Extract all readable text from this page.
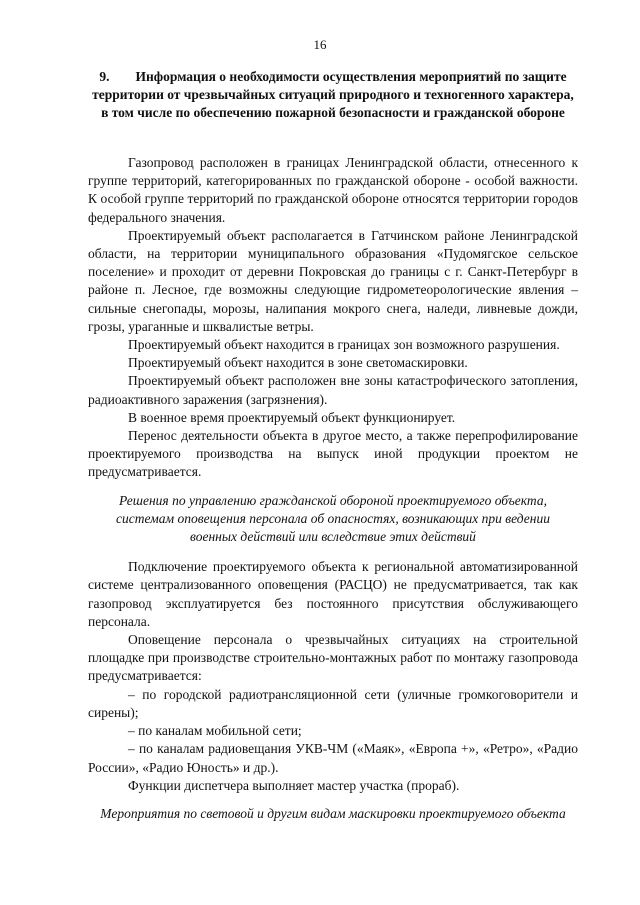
16
9. Информация о необходимости осуществления мероприятий по защите территории от чрезвычайных ситуаций природного и техногенного характера, в том числе по обеспечению пожарной безопасности и гражданской обороне

Газопровод расположен в границах Ленинградской области, отнесенного к группе территорий, категорированных по гражданской обороне - особой важности. К особой группе территорий по гражданской обороне относятся территории городов федерального значения.

Проектируемый объект располагается в Гатчинском районе Ленинградской области, на территории муниципального образования «Пудомягское сельское поселение» и проходит от деревни Покровская до границы с г. Санкт-Петербург в районе п. Лесное, где возможны следующие гидрометеорологические явления – сильные снегопады, морозы, налипания мокрого снега, наледи, ливневые дожди, грозы, ураганные и шквалистые ветры.

Проектируемый объект находится в границах зон возможного разрушения.

Проектируемый объект находится в зоне светомаскировки.

Проектируемый объект расположен вне зоны катастрофического затопления, радиоактивного заражения (загрязнения).

В военное время проектируемый объект функционирует.

Перенос деятельности объекта в другое место, а также перепрофилирование проектируемого производства на выпуск иной продукции проектом не предусматривается.

Решения по управлению гражданской обороной проектируемого объекта, системам оповещения персонала об опасностях, возникающих при ведении военных действий или вследствие этих действий

Подключение проектируемого объекта к региональной автоматизированной системе централизованного оповещения (РАСЦО) не предусматривается, так как газопровод эксплуатируется без постоянного присутствия обслуживающего персонала.

Оповещение персонала о чрезвычайных ситуациях на строительной площадке при производстве строительно-монтажных работ по монтажу газопровода предусматривается:

– по городской радиотрансляционной сети (уличные громкоговорители и сирены);

– по каналам мобильной сети;

– по каналам радиовещания УКВ-ЧМ («Маяк», «Европа +», «Ретро», «Радио России», «Радио Юность» и др.).

Функции диспетчера выполняет мастер участка (прораб).

Мероприятия по световой и другим видам маскировки проектируемого объекта
